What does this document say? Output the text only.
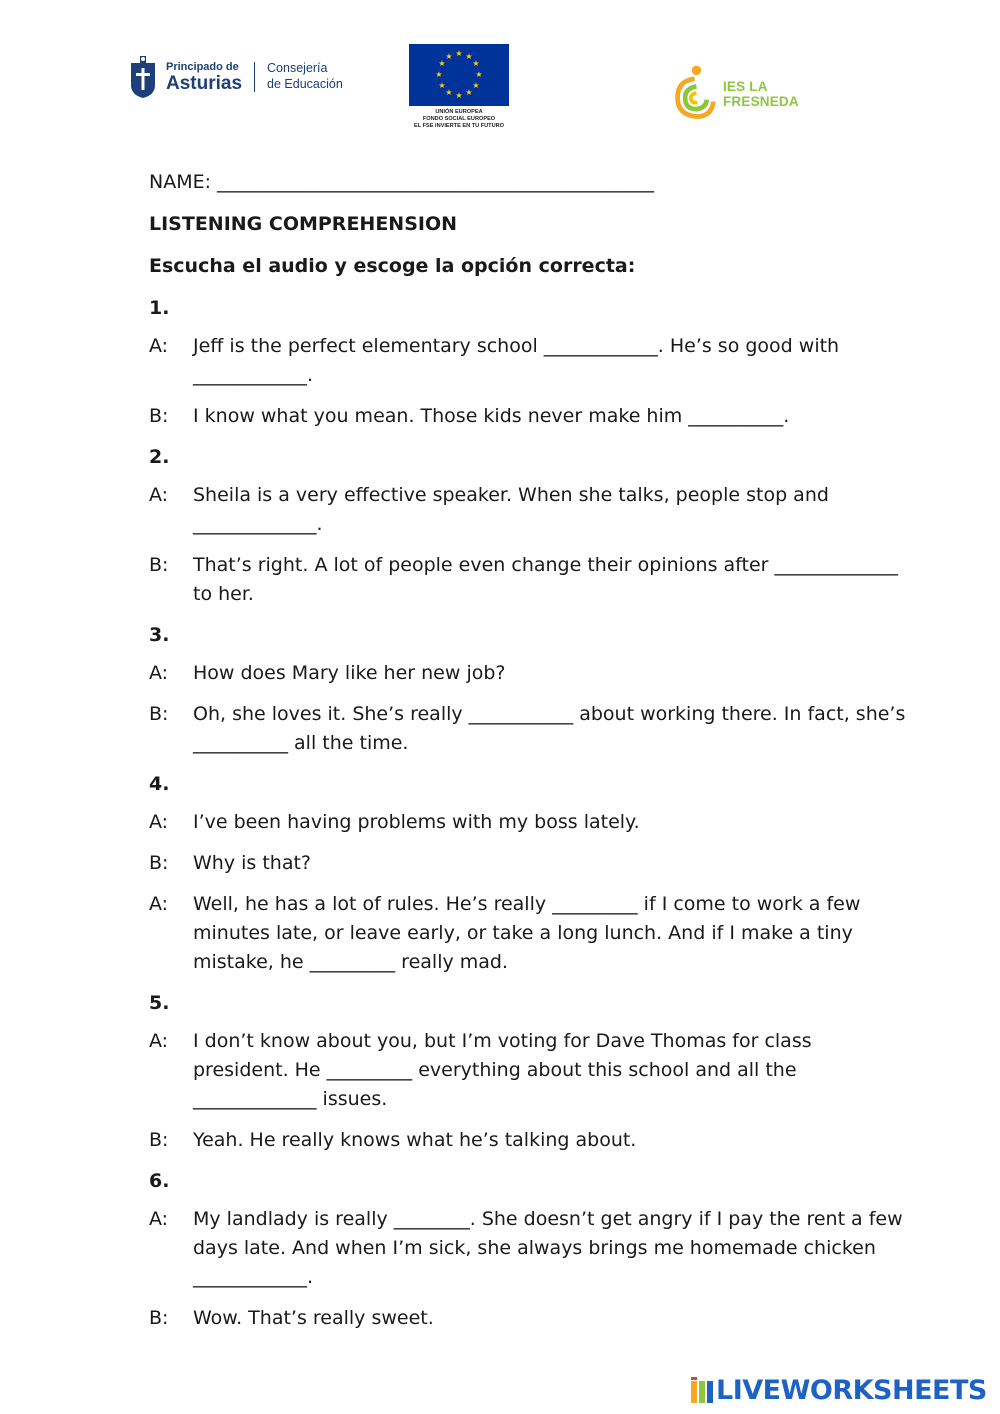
Principado de
Asturias
Consejería
de Educación
★ ★
★
★
★
★
★
★
★
★
★
★
UNIÓN EUROPEA
FONDO SOCIAL EUROPEO
EL FSE INVIERTE EN TU FUTURO
IES LA FRESNEDA

NAME: ______________________________________________

LISTENING COMPREHENSION

Escucha el audio y escoge la opción correcta:

1.

A:	Jeff is the perfect elementary school ____________. He’s so good with ____________.
B:	I know what you mean. Those kids never make him __________.

2.

A:	Sheila is a very effective speaker. When she talks, people stop and _____________.
B:	That’s right. A lot of people even change their opinions after _____________ to her.

3.

A:	How does Mary like her new job?
B:	Oh, she loves it. She’s really ___________ about working there. In fact, she’s __________ all the time.

4.

A:	I’ve been having problems with my boss lately.
B:	Why is that?
A:	Well, he has a lot of rules. He’s really _________ if I come to work a few minutes late, or leave early, or take a long lunch. And if I make a tiny mistake, he _________ really mad.

5.

A:	I don’t know about you, but I’m voting for Dave Thomas for class president. He _________ everything about this school and all the _____________ issues.
B:	Yeah. He really knows what he’s talking about.

6.

A:	My landlady is really ________. She doesn’t get angry if I pay the rent a few days late. And when I’m sick, she always brings me homemade chicken ____________.
B:	Wow. That’s really sweet.
LIVEWORKSHEETS
